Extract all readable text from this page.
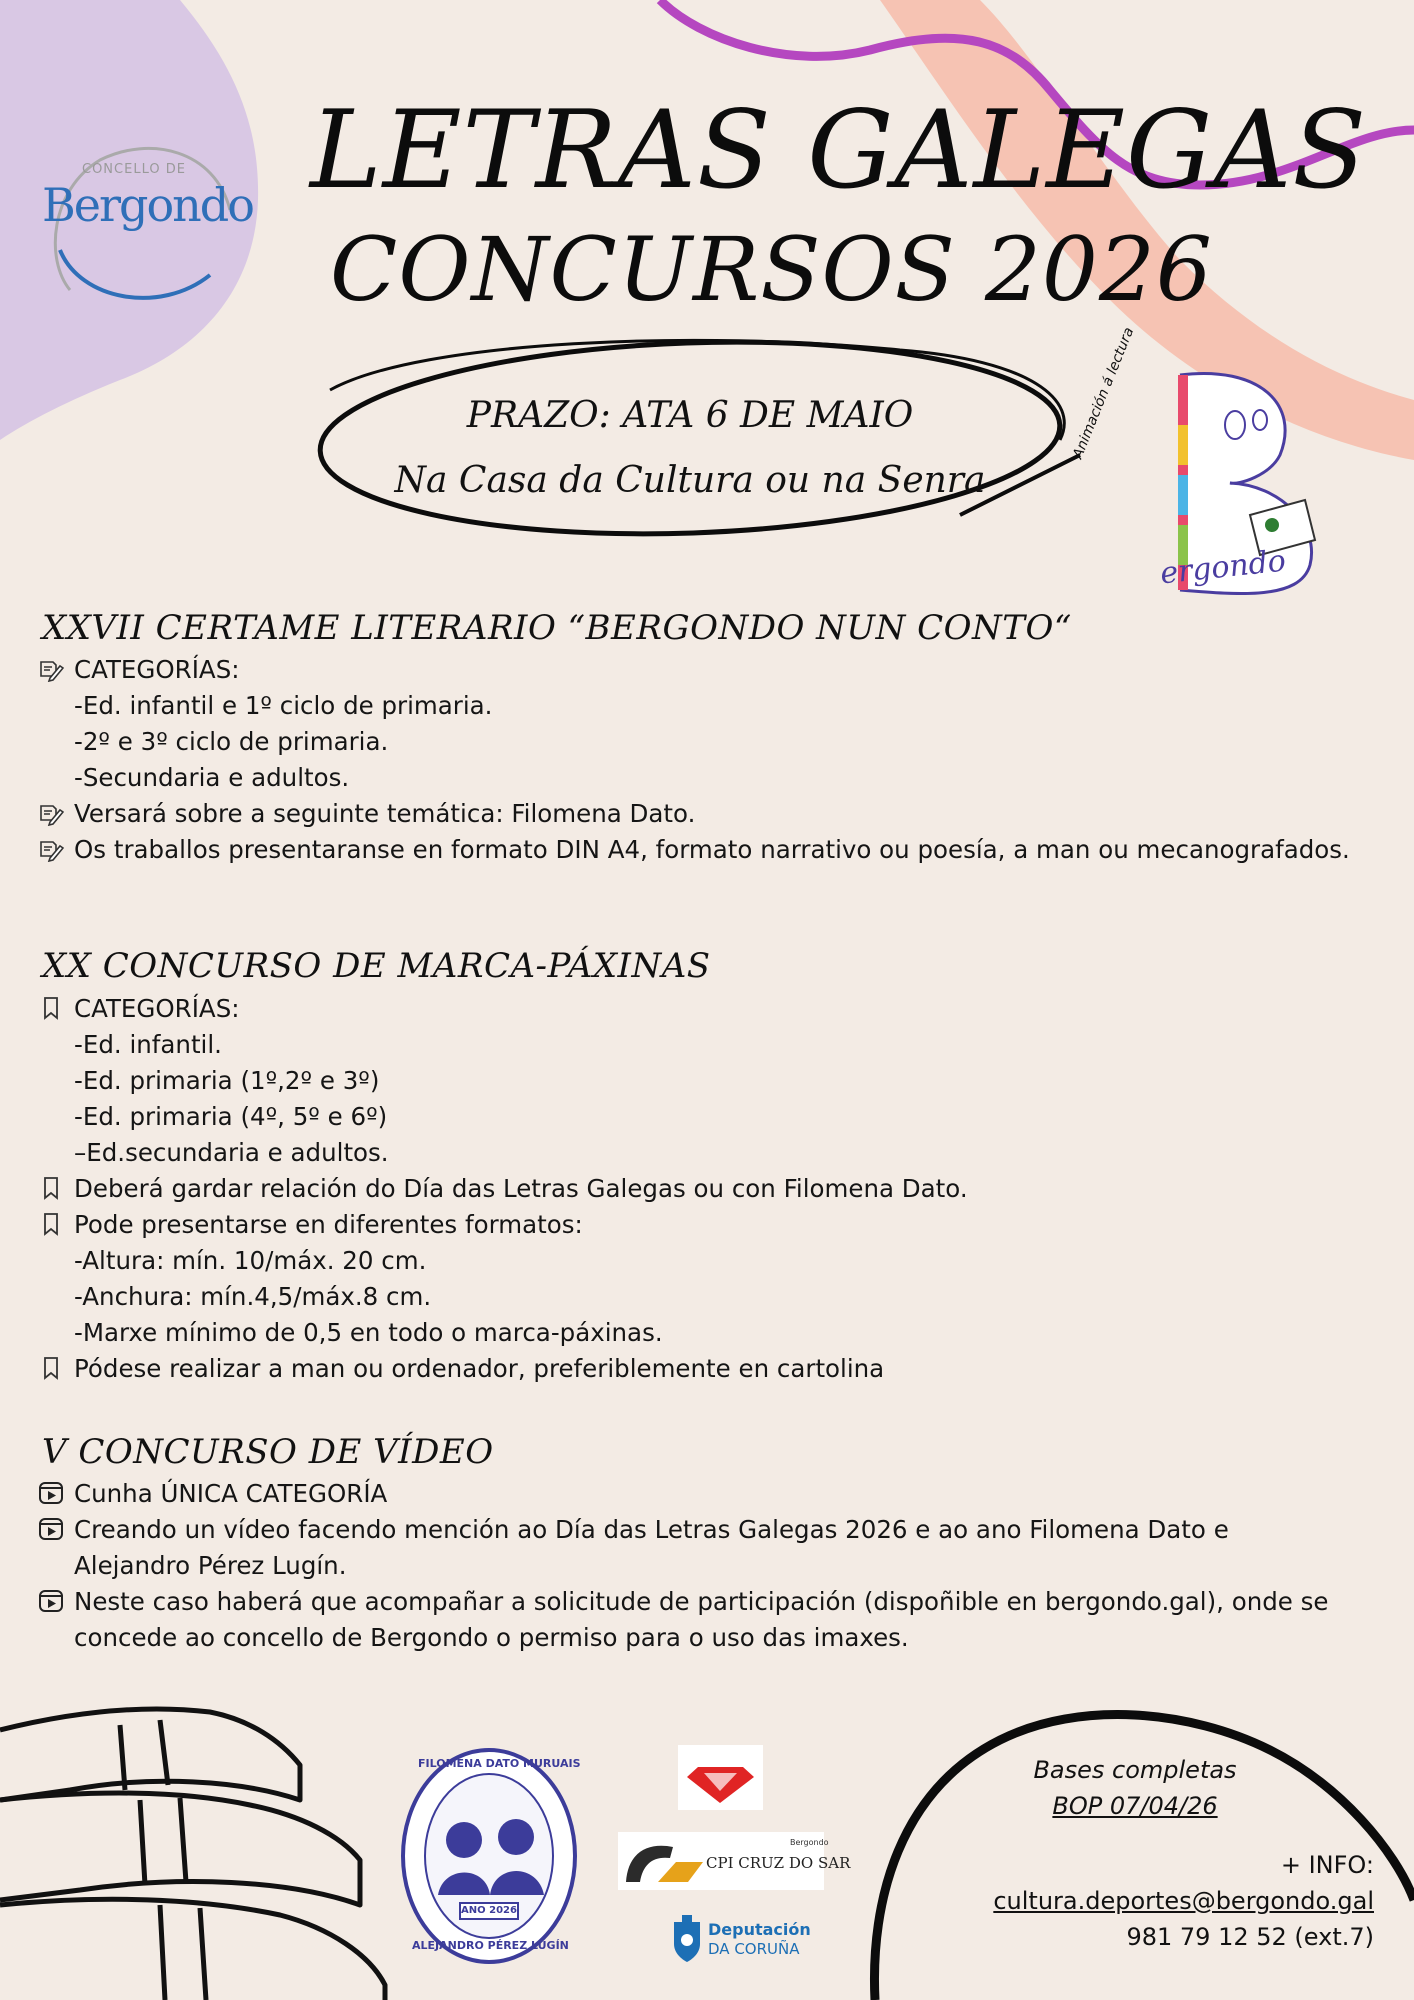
CONCELLO DE
Bergondo LETRAS GALEGAS
CONCURSOS 2026
PRAZO: ATA 6 DE MAIO
Na Casa da Cultura ou na Senra
Animación á lectura
ergondo
XXVII CERTAME LITERARIO “BERGONDO NUN CONTO“
CATEGORÍAS:
-Ed. infantil e 1º ciclo de primaria.
-2º e 3º ciclo de primaria.
-Secundaria e adultos.
Versará sobre a seguinte temática: Filomena Dato.
Os traballos presentaranse en formato DIN A4, formato narrativo ou poesía, a man ou mecanografados.
XX CONCURSO DE MARCA-PÁXINAS
CATEGORÍAS:
-Ed. infantil.
-Ed. primaria (1º,2º e 3º)
-Ed. primaria (4º, 5º e 6º)
–Ed.secundaria e adultos.
Deberá gardar relación do Día das Letras Galegas ou con Filomena Dato.
Pode presentarse en diferentes formatos:
-Altura: mín. 10/máx. 20 cm.
-Anchura: mín.4,5/máx.8 cm.
-Marxe mínimo de 0,5 en todo o marca-páxinas.
Pódese realizar a man ou ordenador, preferiblemente en cartolina
V CONCURSO DE VÍDEO
Cunha ÚNICA CATEGORÍA
Creando un vídeo facendo mención ao Día das Letras Galegas 2026 e ao ano Filomena Dato e
Alejandro Pérez Lugín.
Neste caso haberá que acompañar a solicitude de participación (dispoñible en bergondo.gal), onde se
concede ao concello de Bergondo o permiso para o uso das imaxes.
FILOMENA DATO MURUAIS
ALEJANDRO PÉREZ LUGÍN
ANO 2026
Bergondo
CPI CRUZ DO SAR
Deputación
DA CORUÑA
Bases completas
BOP 07/04/26
+ INFO:
cultura.deportes@bergondo.gal
981 79 12 52 (ext.7)
